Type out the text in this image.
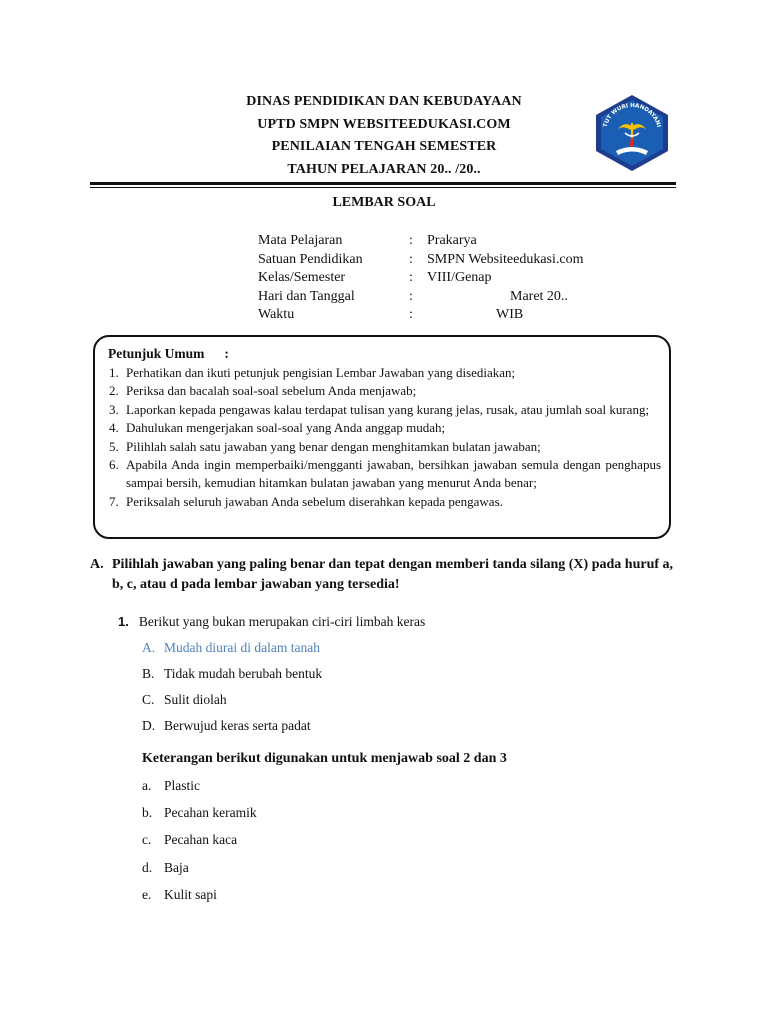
DINAS PENDIDIKAN DAN KEBUDAYAAN
UPTD SMPN WEBSITEEDUKASI.COM
PENILAIAN TENGAH SEMESTER
TAHUN PELAJARAN 20.. /20..
TUT WURI HANDAYANI
LEMBAR SOAL
Mata Pelajaran	: Prakarya
Satuan Pendidikan	: SMPN Websiteedukasi.com
Kelas/Semester	: VIII/Genap
Hari dan Tanggal	:	Maret 20..
Waktu	:	WIB
Petunjuk Umum :
1. Perhatikan dan ikuti petunjuk pengisian Lembar Jawaban yang disediakan;
2. Periksa dan bacalah soal-soal sebelum Anda menjawab;
3. Laporkan kepada pengawas kalau terdapat tulisan yang kurang jelas, rusak, atau jumlah soal kurang;
4. Dahulukan mengerjakan soal-soal yang Anda anggap mudah;
5. Pilihlah salah satu jawaban yang benar dengan menghitamkan bulatan jawaban;
6. Apabila Anda ingin memperbaiki/mengganti jawaban, bersihkan jawaban semula dengan penghapus sampai bersih, kemudian hitamkan bulatan jawaban yang menurut Anda benar;
7. Periksalah seluruh jawaban Anda sebelum diserahkan kepada pengawas.
A. Pilihlah jawaban yang paling benar dan tepat dengan memberi tanda silang (X) pada huruf a, b, c, atau d pada lembar jawaban yang tersedia!
1. Berikut yang bukan merupakan ciri-ciri limbah keras
A. Mudah diurai di dalam tanah
B. Tidak mudah berubah bentuk
C. Sulit diolah
D. Berwujud keras serta padat
Keterangan berikut digunakan untuk menjawab soal 2 dan 3
a. Plastic
b. Pecahan keramik
c. Pecahan kaca
d. Baja
e. Kulit sapi
